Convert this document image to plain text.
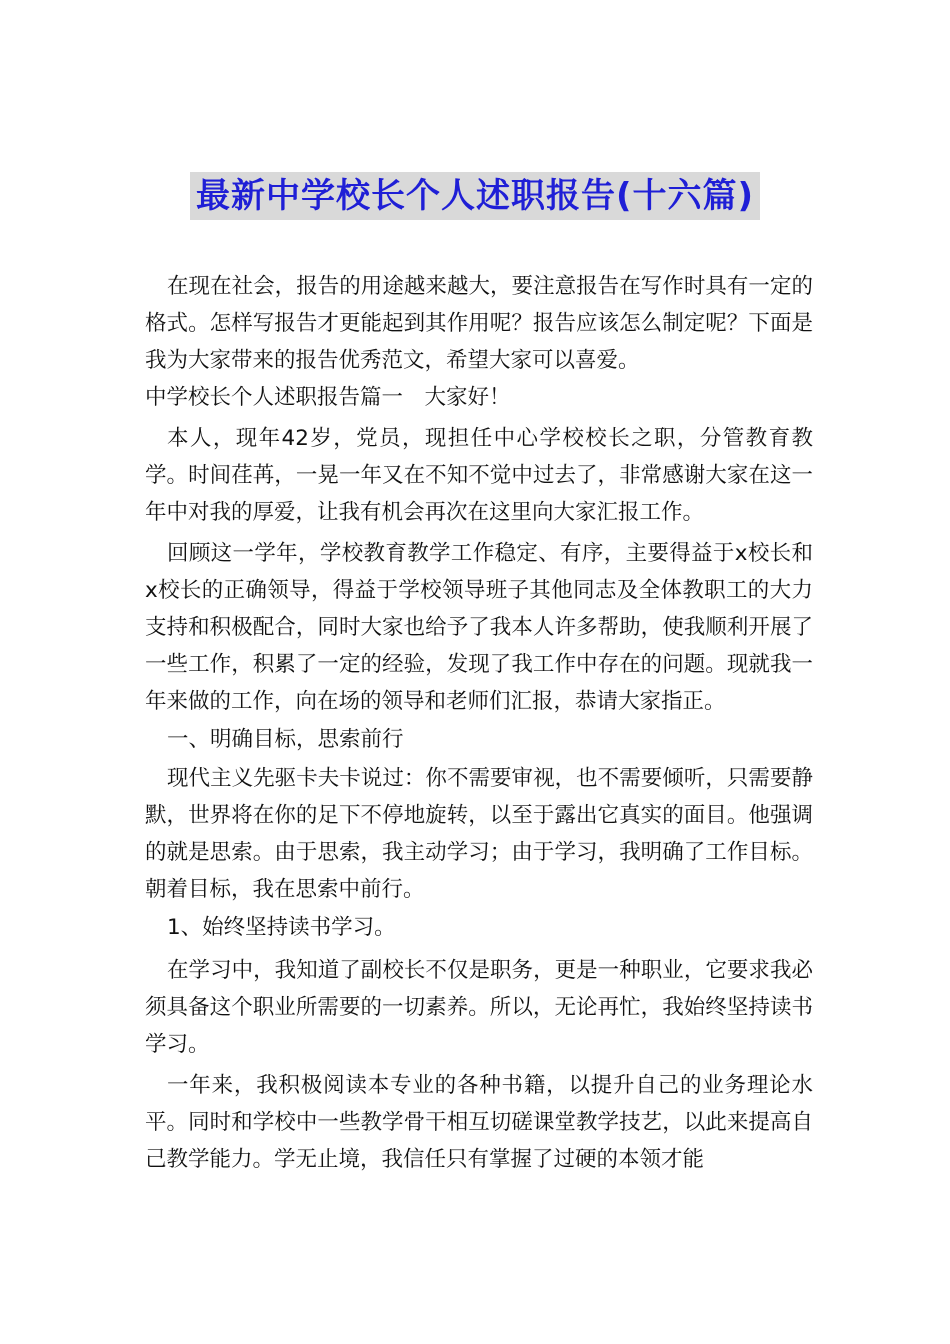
最新中学校长个人述职报告(十六篇)

在现在社会，报告的用途越来越大，要注意报告在写作时具有一定的格式。怎样写报告才更能起到其作用呢？报告应该怎么制定呢？下面是我为大家带来的报告优秀范文，希望大家可以喜爱。

中学校长个人述职报告篇一　大家好！

本人，现年42岁，党员，现担任中心学校校长之职，分管教育教学。时间荏苒，一晃一年又在不知不觉中过去了，非常感谢大家在这一年中对我的厚爱，让我有机会再次在这里向大家汇报工作。

回顾这一学年，学校教育教学工作稳定、有序，主要得益于x校长和x校长的正确领导，得益于学校领导班子其他同志及全体教职工的大力支持和积极配合，同时大家也给予了我本人许多帮助，使我顺利开展了一些工作，积累了一定的经验，发现了我工作中存在的问题。现就我一年来做的工作，向在场的领导和老师们汇报，恭请大家指正。

一、明确目标，思索前行

现代主义先驱卡夫卡说过：你不需要审视，也不需要倾听，只需要静默，世界将在你的足下不停地旋转，以至于露出它真实的面目。他强调的就是思索。由于思索，我主动学习；由于学习，我明确了工作目标。朝着目标，我在思索中前行。

1、始终坚持读书学习。

在学习中，我知道了副校长不仅是职务，更是一种职业，它要求我必须具备这个职业所需要的一切素养。所以，无论再忙，我始终坚持读书学习。

一年来，我积极阅读本专业的各种书籍，以提升自己的业务理论水平。同时和学校中一些教学骨干相互切磋课堂教学技艺，以此来提高自己教学能力。学无止境，我信任只有掌握了过硬的本领才能
